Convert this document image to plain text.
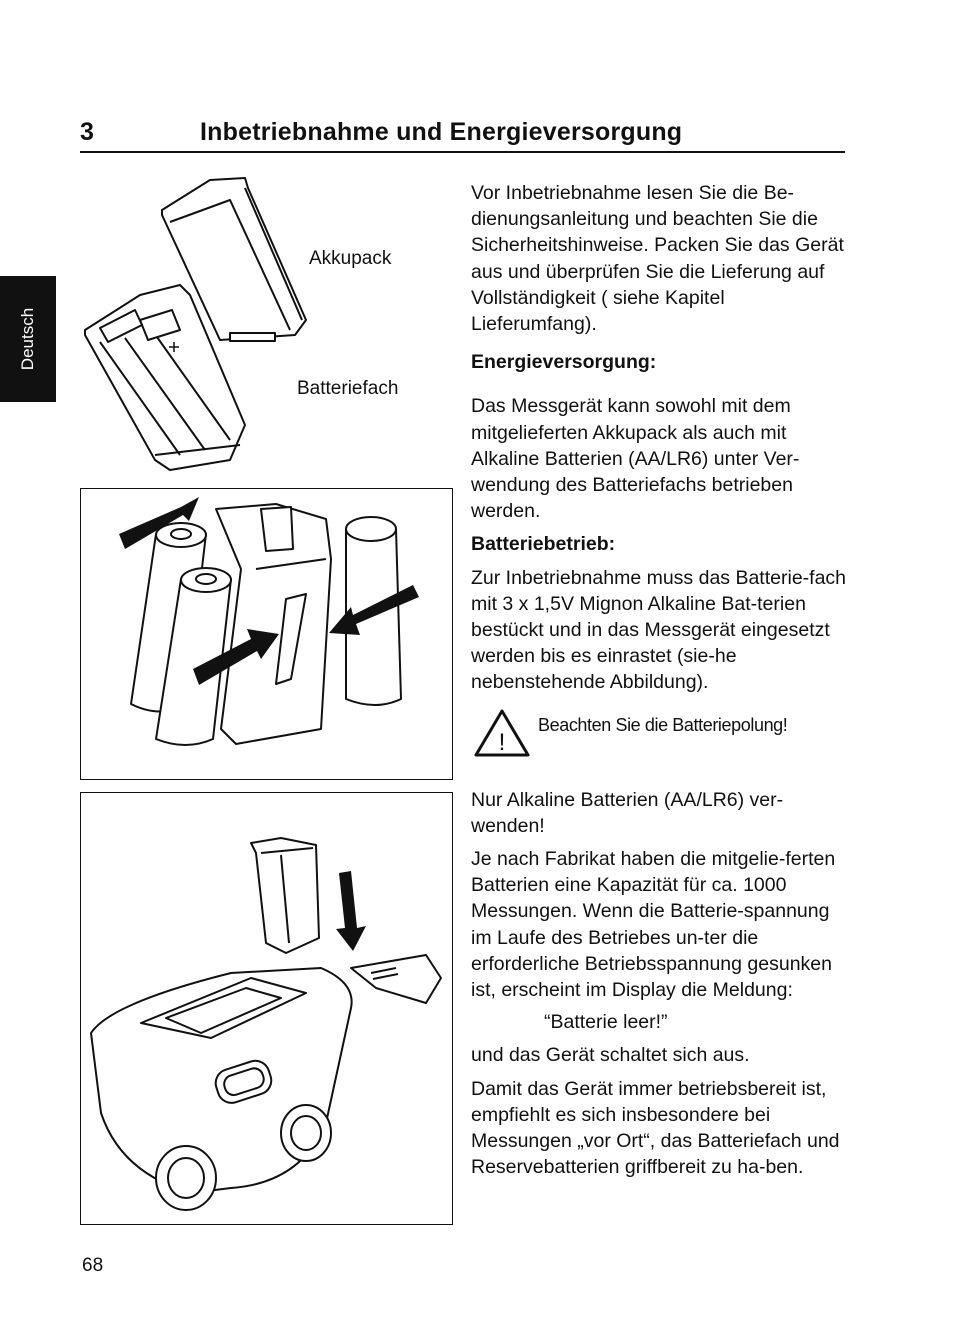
3	Inbetriebnahme und Energieversorgung
Deutsch
Akkupack
Batteriefach

Vor Inbetriebnahme lesen Sie die Be-dienungsanleitung und beachten Sie die Sicherheitshinweise. Packen Sie das Gerät aus und überprüfen Sie die Lieferung auf Vollständigkeit ( siehe Kapitel Lieferumfang).

Energieversorgung:

Das Messgerät kann sowohl mit dem mitgelieferten Akkupack als auch mit Alkaline Batterien (AA/LR6) unter Ver-wendung des Batteriefachs betrieben werden.

Batteriebetrieb:

Zur Inbetriebnahme muss das Batterie-fach mit 3 x 1,5V Mignon Alkaline Bat-terien bestückt und in das Messgerät eingesetzt werden bis es einrastet (sie-he nebenstehende Abbildung).

!
Beachten Sie die Batteriepolung!

Nur Alkaline Batterien (AA/LR6) ver-wenden!

Je nach Fabrikat haben die mitgelie-ferten Batterien eine Kapazität für ca. 1000 Messungen. Wenn die Batterie-spannung im Laufe des Betriebes un-ter die erforderliche Betriebsspannung gesunken ist, erscheint im Display die Meldung:

“Batterie leer!”

und das Gerät schaltet sich aus.

Damit das Gerät immer betriebsbereit ist, empfiehlt es sich insbesondere bei Messungen „vor Ort“, das Batteriefach und Reservebatterien griffbereit zu ha-ben.

68
